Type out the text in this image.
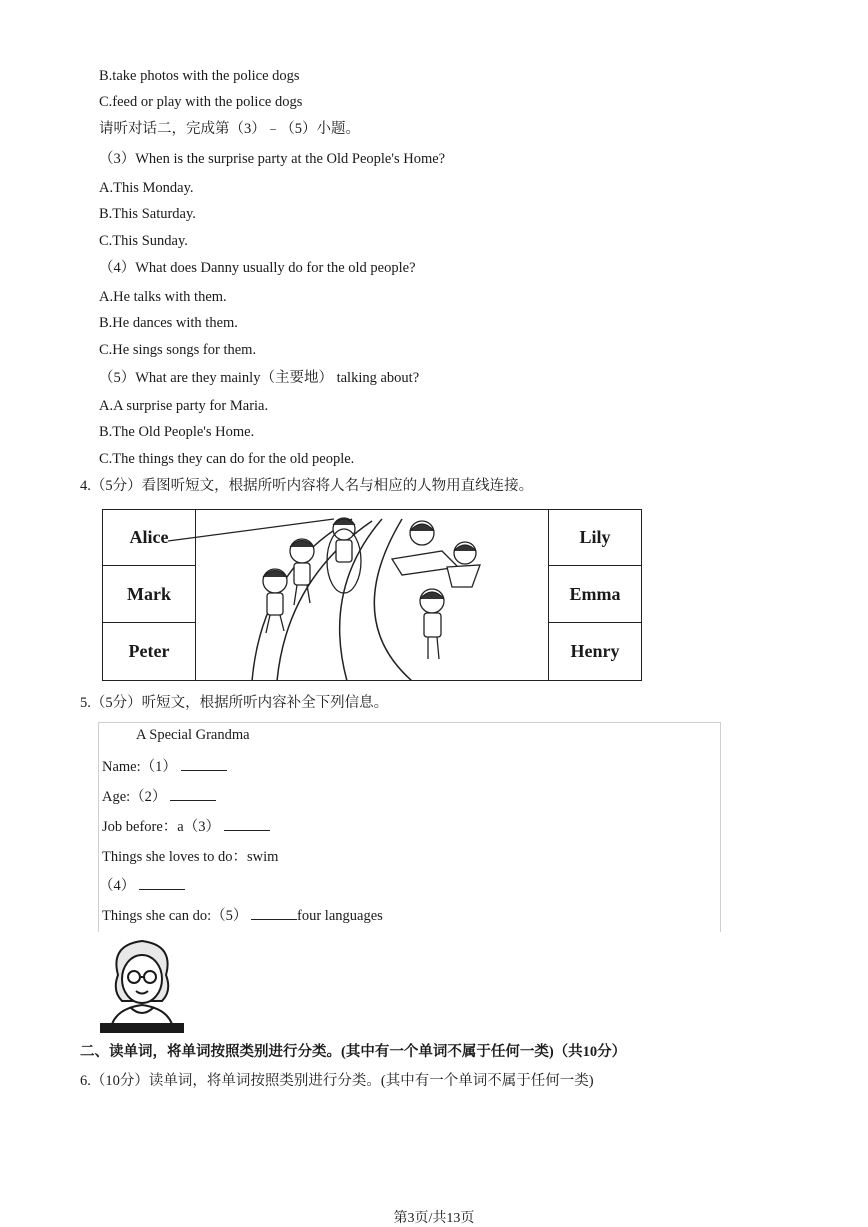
B.take photos with the police dogs
C.feed or play with the police dogs
请听对话二，完成第（3）﹣（5）小题。
（3）When is the surprise party at the Old People's Home?
A.This Monday.
B.This Saturday.
C.This Sunday.
（4）What does Danny usually do for the old people?
A.He talks with them.
B.He dances with them.
C.He sings songs for them.
（5）What are they mainly（主要地） talking about?
A.A surprise party for Maria.
B.The Old People's Home.
C.The things they can do for the old people.
4.（5分）看图听短文，根据所听内容将人名与相应的人物用直线连接。
Alice
Mark
Peter
Lily
Emma
Henry
5.（5分）听短文，根据所听内容补全下列信息。
A Special Grandma
Name:（1）
Age:（2）
Job before：a（3）
Things she loves to do：swim
（4）
Things she can do:（5）	four languages
二、读单词，将单词按照类别进行分类。(其中有一个单词不属于任何一类)（共10分）
6.（10分）读单词，将单词按照类别进行分类。(其中有一个单词不属于任何一类)
第3页/共13页
